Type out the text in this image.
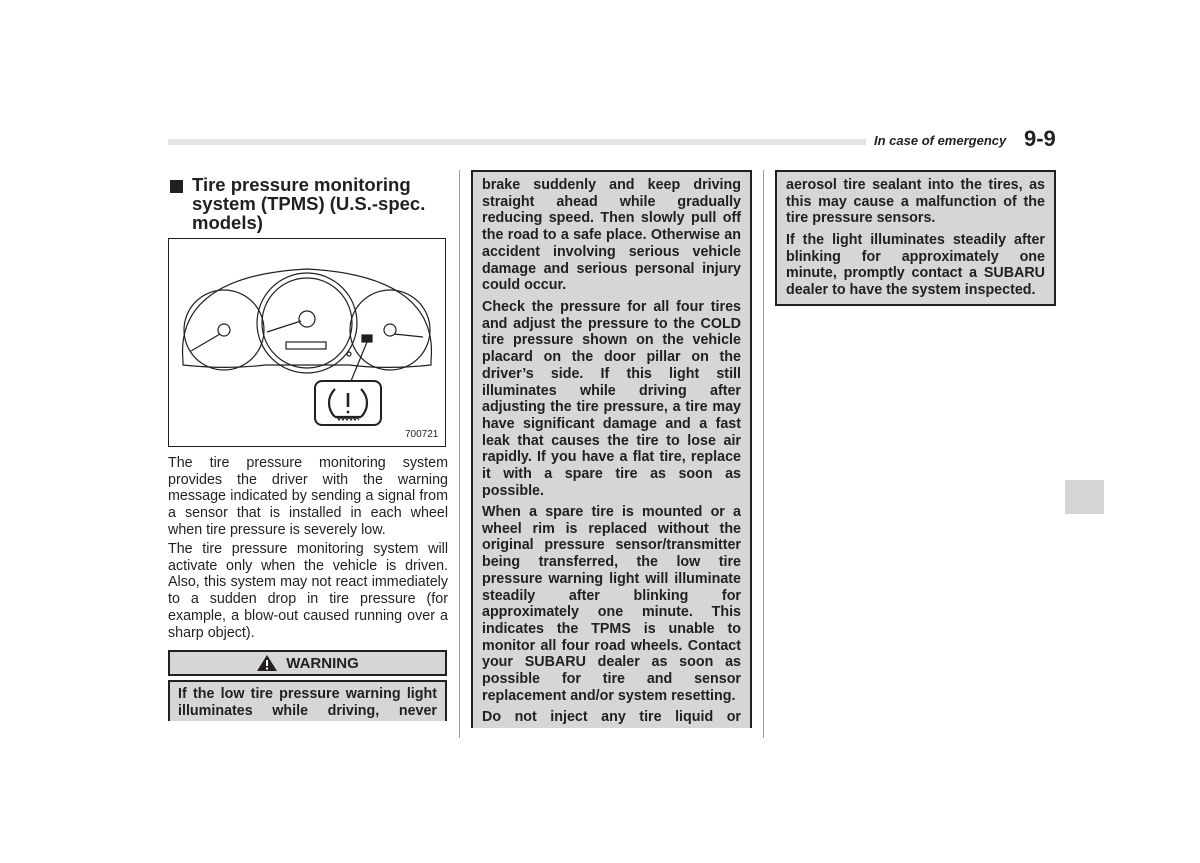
In case of emergency 9-9
Tire pressure monitoring system (TPMS) (U.S.-spec. models)
700721
The tire pressure monitoring system provides the driver with the warning message indicated by sending a signal from a sensor that is installed in each wheel when tire pressure is severely low.
The tire pressure monitoring system will activate only when the vehicle is driven. Also, this system may not react immediately to a sudden drop in tire pressure (for example, a blow-out caused running over a sharp object).
WARNING
If the low tire pressure warning light illuminates while driving, never
brake suddenly and keep driving straight ahead while gradually reducing speed. Then slowly pull off the road to a safe place. Otherwise an accident involving serious vehicle damage and serious personal injury could occur.
Check the pressure for all four tires and adjust the pressure to the COLD tire pressure shown on the vehicle placard on the door pillar on the driver’s side. If this light still illuminates while driving after adjusting the tire pressure, a tire may have significant damage and a fast leak that causes the tire to lose air rapidly. If you have a flat tire, replace it with a spare tire as soon as possible.
When a spare tire is mounted or a wheel rim is replaced without the original pressure sensor/transmitter being transferred, the low tire pressure warning light will illuminate steadily after blinking for approximately one minute. This indicates the TPMS is unable to monitor all four road wheels. Contact your SUBARU dealer as soon as possible for tire and sensor replacement and/or system resetting.
Do not inject any tire liquid or
aerosol tire sealant into the tires, as this may cause a malfunction of the tire pressure sensors.
If the light illuminates steadily after blinking for approximately one minute, promptly contact a SUBARU dealer to have the system inspected.
